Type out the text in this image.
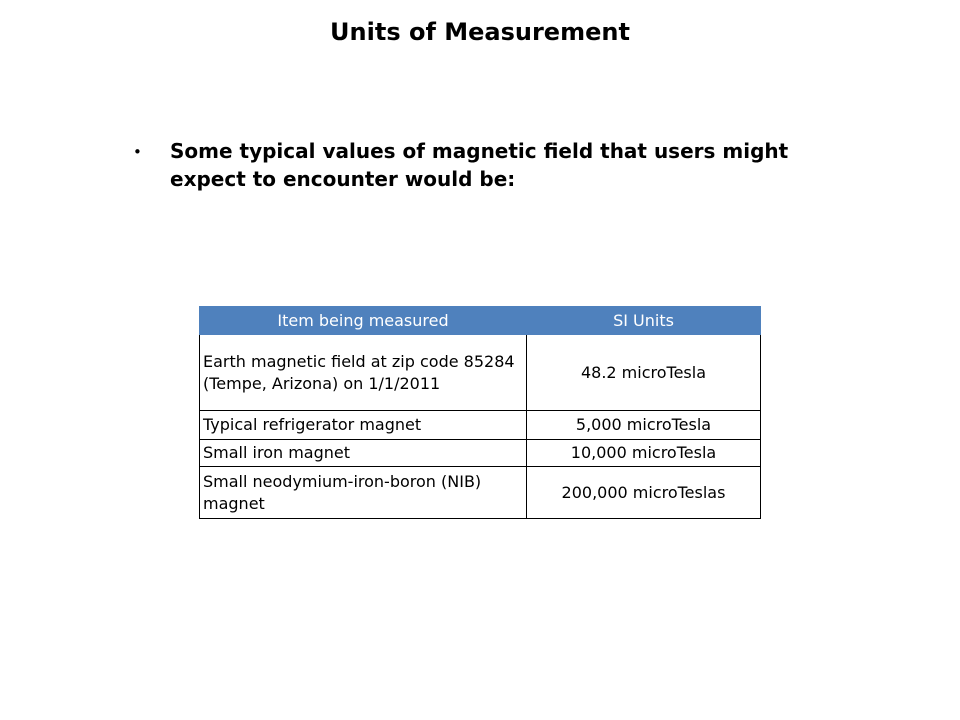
Units of Measurement
• Some typical values of magnetic field that users might expect to encounter would be:
Item being measured	SI Units
Earth magnetic field at zip code 85284 (Tempe, Arizona) on 1/1/2011	48.2 microTesla
Typical refrigerator magnet	5,000 microTesla
Small iron magnet	10,000 microTesla
Small neodymium-iron-boron (NIB) magnet	200,000 microTeslas
